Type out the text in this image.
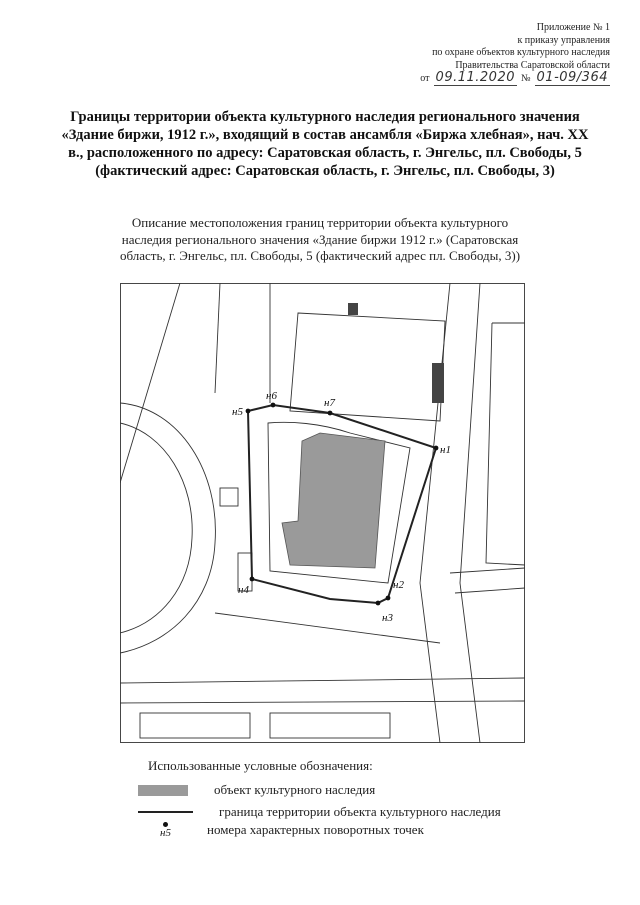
Приложение № 1
к приказу управления
по охране объектов культурного наследия
Правительства Саратовской области
от 09.11.2020 № 01-09/364
Границы территории объекта культурного наследия регионального значения «Здание биржи, 1912 г.», входящий в состав ансамбля «Биржа хлебная», нач. XX в., расположенного по адресу: Саратовская область, г. Энгельс, пл. Свободы, 5 (фактический адрес: Саратовская область, г. Энгельс, пл. Свободы, 3)
Описание местоположения границ территории объекта культурного наследия регионального значения «Здание биржи 1912 г.» (Саратовская область, г. Энгельс, пл. Свободы, 5 (фактический адрес пл. Свободы, 3))
н1
н2
н3
н4
н5
н6
н7
Использованные условные обозначения:
объект культурного наследия
граница территории объекта культурного наследия
н5	номера характерных поворотных точек
